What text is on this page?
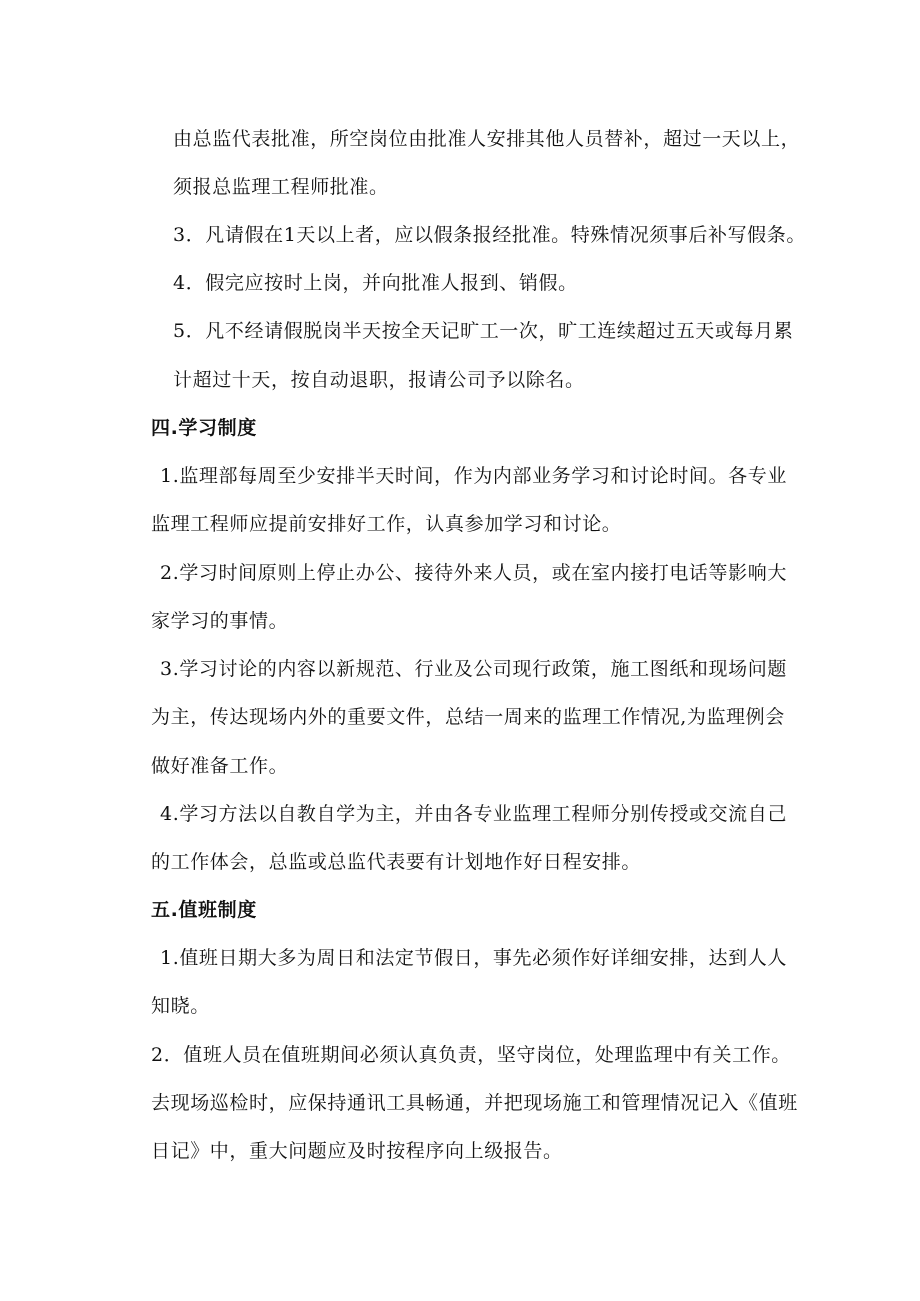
由总监代表批准，所空岗位由批准人安排其他人员替补，超过一天以上，
须报总监理工程师批准。
3．凡请假在1天以上者，应以假条报经批准。特殊情况须事后补写假条。
4．假完应按时上岗，并向批准人报到、销假。
5．凡不经请假脱岗半天按全天记旷工一次，旷工连续超过五天或每月累
计超过十天，按自动退职，报请公司予以除名。
四.学习制度
1.监理部每周至少安排半天时间，作为内部业务学习和讨论时间。各专业
监理工程师应提前安排好工作，认真参加学习和讨论。
2.学习时间原则上停止办公、接待外来人员，或在室内接打电话等影响大
家学习的事情。
3.学习讨论的内容以新规范、行业及公司现行政策，施工图纸和现场问题
为主，传达现场内外的重要文件，总结一周来的监理工作情况,为监理例会
做好准备工作。
4.学习方法以自教自学为主，并由各专业监理工程师分别传授或交流自己
的工作体会，总监或总监代表要有计划地作好日程安排。
五.值班制度
1.值班日期大多为周日和法定节假日，事先必须作好详细安排，达到人人
知晓。
2．值班人员在值班期间必须认真负责，坚守岗位，处理监理中有关工作。
去现场巡检时，应保持通讯工具畅通，并把现场施工和管理情况记入《值班
日记》中，重大问题应及时按程序向上级报告。
